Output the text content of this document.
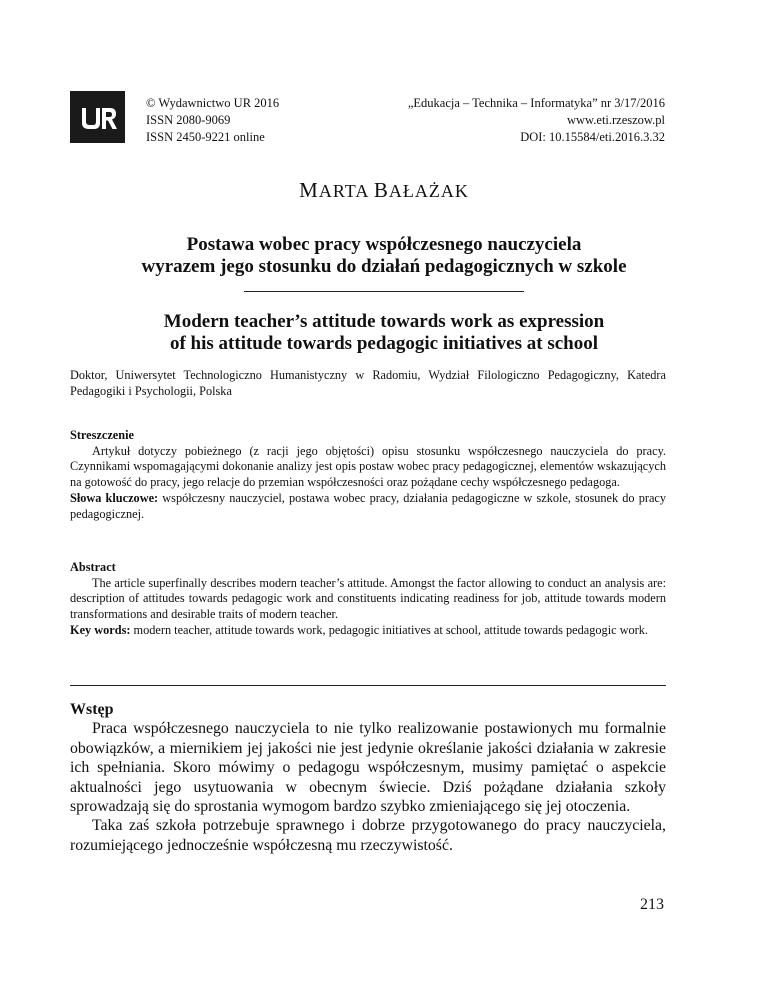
© Wydawnictwo UR 2016
ISSN 2080-9069
ISSN 2450-9221 online
„Edukacja – Technika – Informatyka” nr 3/17/2016
www.eti.rzeszow.pl
DOI: 10.15584/eti.2016.3.32
MARTA BAŁAŻAK
Postawa wobec pracy współczesnego nauczyciela
wyrazem jego stosunku do działań pedagogicznych w szkole
Modern teacher’s attitude towards work as expression
of his attitude towards pedagogic initiatives at school
Doktor, Uniwersytet Technologiczno Humanistyczny w Radomiu, Wydział Filologiczno Pedagogiczny, Katedra Pedagogiki i Psychologii, Polska

Streszczenie

Artykuł dotyczy pobieżnego (z racji jego objętości) opisu stosunku współczesnego nauczyciela do pracy. Czynnikami wspomagającymi dokonanie analizy jest opis postaw wobec pracy pedagogicznej, elementów wskazujących na gotowość do pracy, jego relacje do przemian współczesności oraz pożądane cechy współczesnego pedagoga.

Słowa kluczowe: współczesny nauczyciel, postawa wobec pracy, działania pedagogiczne w szkole, stosunek do pracy pedagogicznej.

Abstract

The article superfinally describes modern teacher’s attitude. Amongst the factor allowing to conduct an analysis are: description of attitudes towards pedagogic work and constituents indicating readiness for job, attitude towards modern transformations and desirable traits of modern teacher.

Key words: modern teacher, attitude towards work, pedagogic initiatives at school, attitude towards pedagogic work.

Wstęp

Praca współczesnego nauczyciela to nie tylko realizowanie postawionych mu formalnie obowiązków, a miernikiem jej jakości nie jest jedynie określanie jakości działania w zakresie ich spełniania. Skoro mówimy o pedagogu współczesnym, musimy pamiętać o aspekcie aktualności jego usytuowania w obecnym świecie. Dziś pożądane działania szkoły sprowadzają się do sprostania wymogom bardzo szybko zmieniającego się jej otoczenia.

Taka zaś szkoła potrzebuje sprawnego i dobrze przygotowanego do pracy nauczyciela, rozumiejącego jednocześnie współczesną mu rzeczywistość.

213
